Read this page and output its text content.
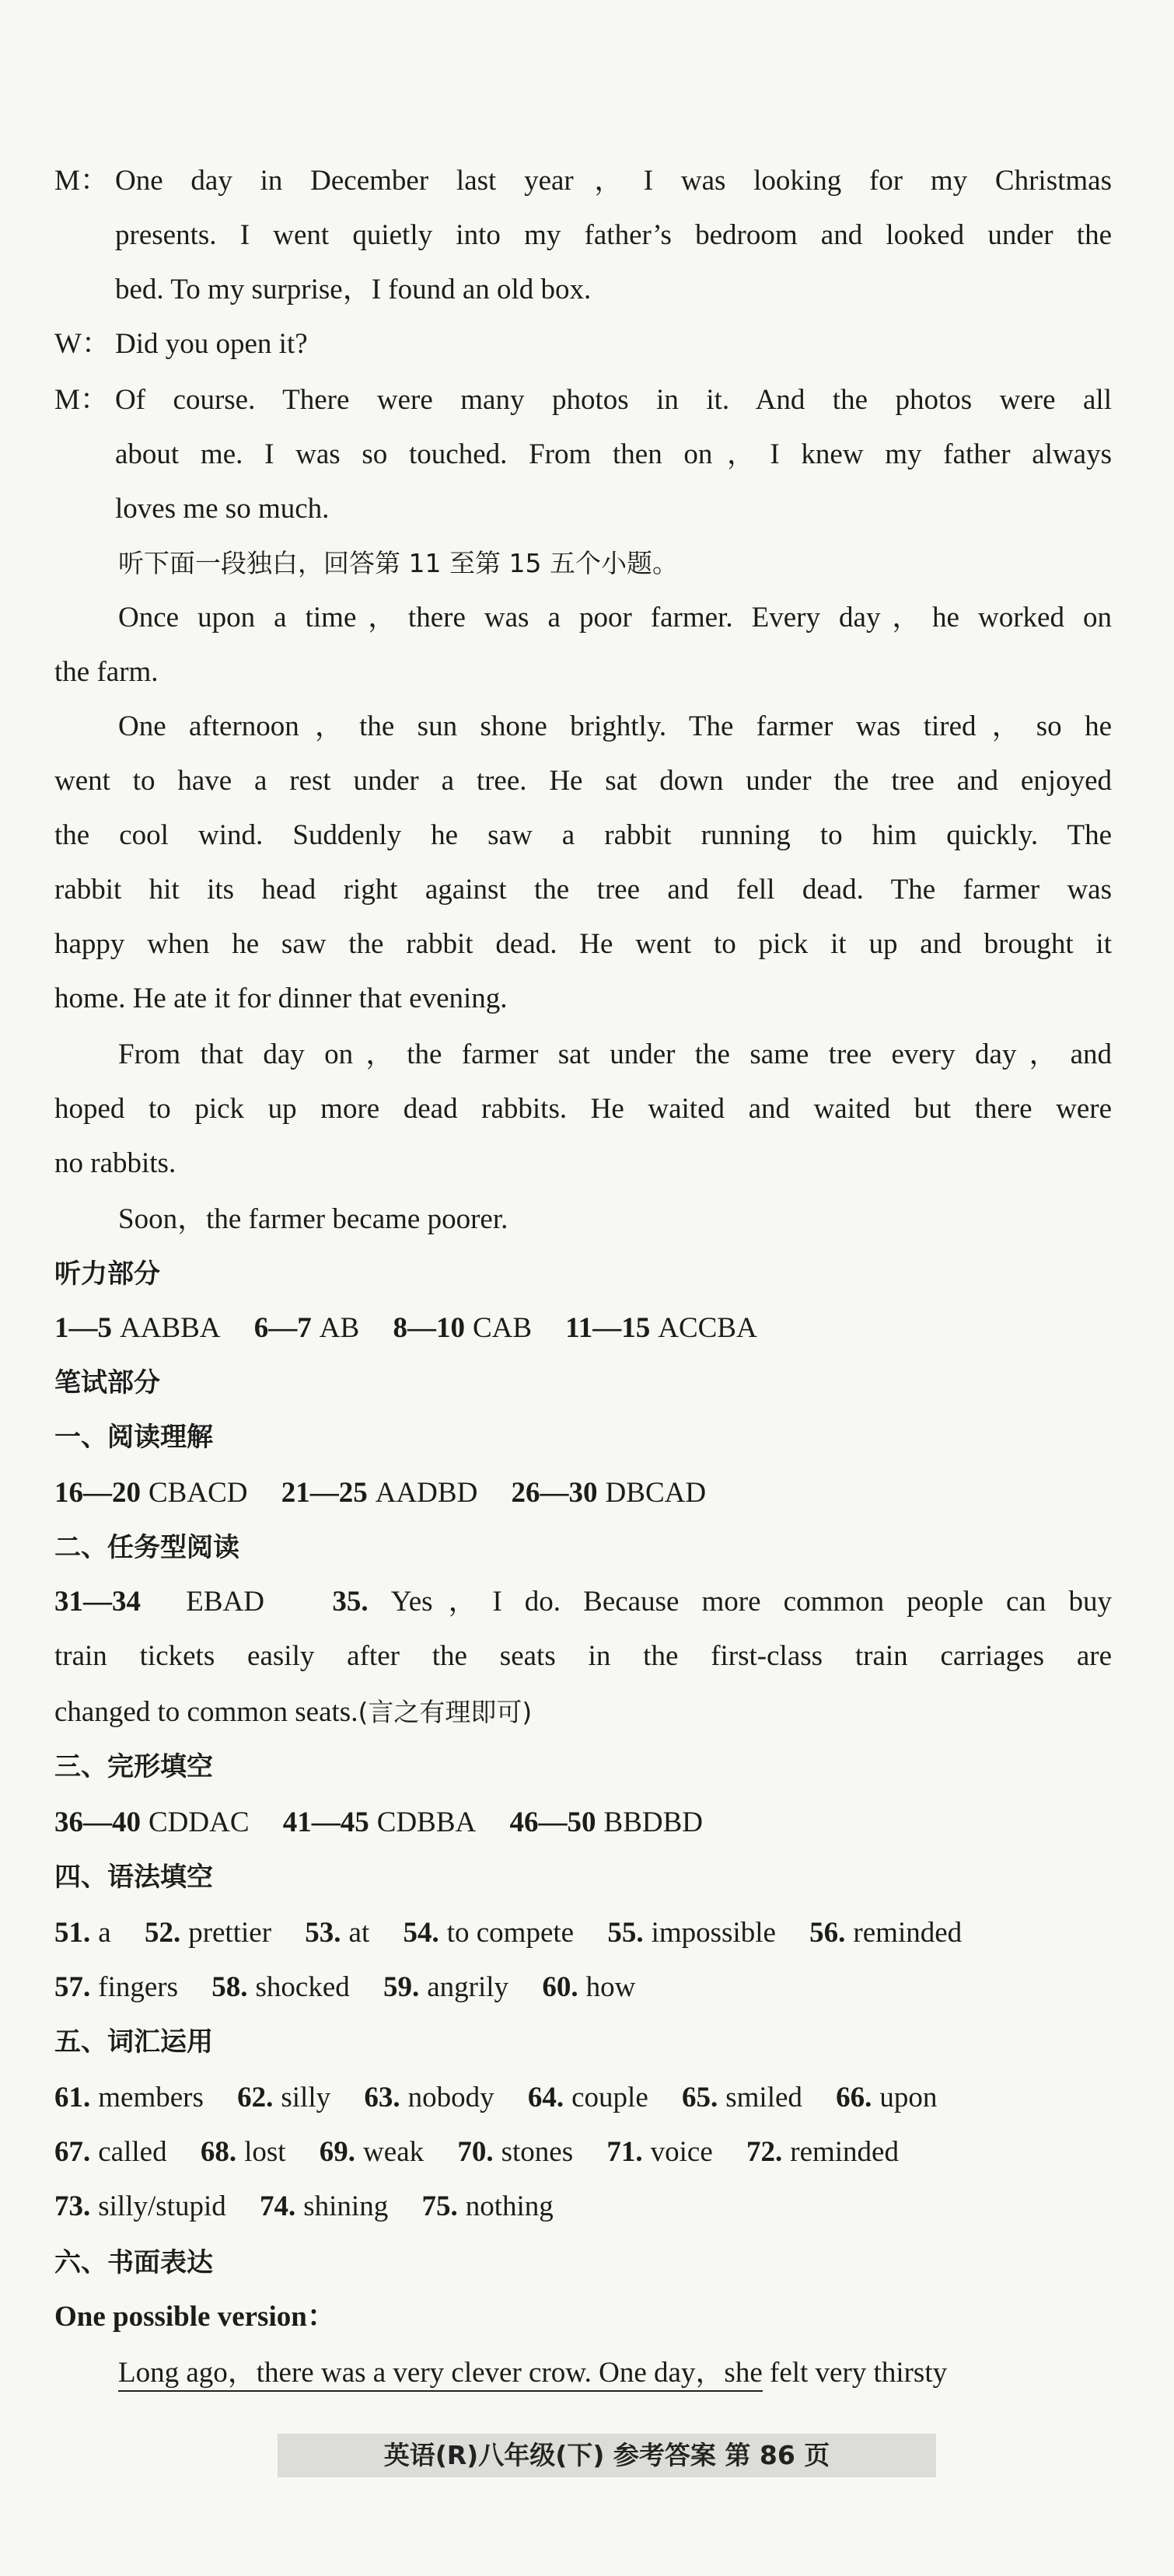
M： One day in December last year，I was looking for my Christmas
presents. I went quietly into my father’s bedroom and looked under the
bed. To my surprise，I found an old box.
W： Did you open it?
M： Of course. There were many photos in it. And the photos were all
about me. I was so touched. From then on，I knew my father always
loves me so much.
听下面一段独白，回答第 11 至第 15 五个小题。
Once upon a time，there was a poor farmer. Every day，he worked on
the farm.
One afternoon，the sun shone brightly. The farmer was tired，so he
went to have a rest under a tree. He sat down under the tree and enjoyed
the cool wind. Suddenly he saw a rabbit running to him quickly. The
rabbit hit its head right against the tree and fell dead. The farmer was
happy when he saw the rabbit dead. He went to pick it up and brought it
home. He ate it for dinner that evening.
From that day on，the farmer sat under the same tree every day，and
hoped to pick up more dead rabbits. He waited and waited but there were
no rabbits.
Soon，the farmer became poorer.
听力部分
1—5 AABBA 6—7 AB 8—10 CAB 11—15 ACCBA
笔试部分
一、阅读理解
16—20 CBACD 21—25 AADBD 26—30 DBCAD
二、任务型阅读
31—34 EBAD 35. Yes，I do. Because more common people can buy
train tickets easily after the seats in the first-class train carriages are
changed to common seats.(言之有理即可)
三、完形填空
36—40 CDDAC 41—45 CDBBA 46—50 BBDBD
四、语法填空
51. a 52. prettier 53. at 54. to compete 55. impossible 56. reminded
57. fingers 58. shocked 59. angrily 60. how
五、词汇运用
61. members 62. silly 63. nobody 64. couple 65. smiled 66. upon
67. called 68. lost 69. weak 70. stones 71. voice 72. reminded
73. silly/stupid 74. shining 75. nothing
六、书面表达
One possible version：
Long ago，there was a very clever crow. One day，she felt very thirsty
英语(R)八年级(下) 参考答案 第 86 页
